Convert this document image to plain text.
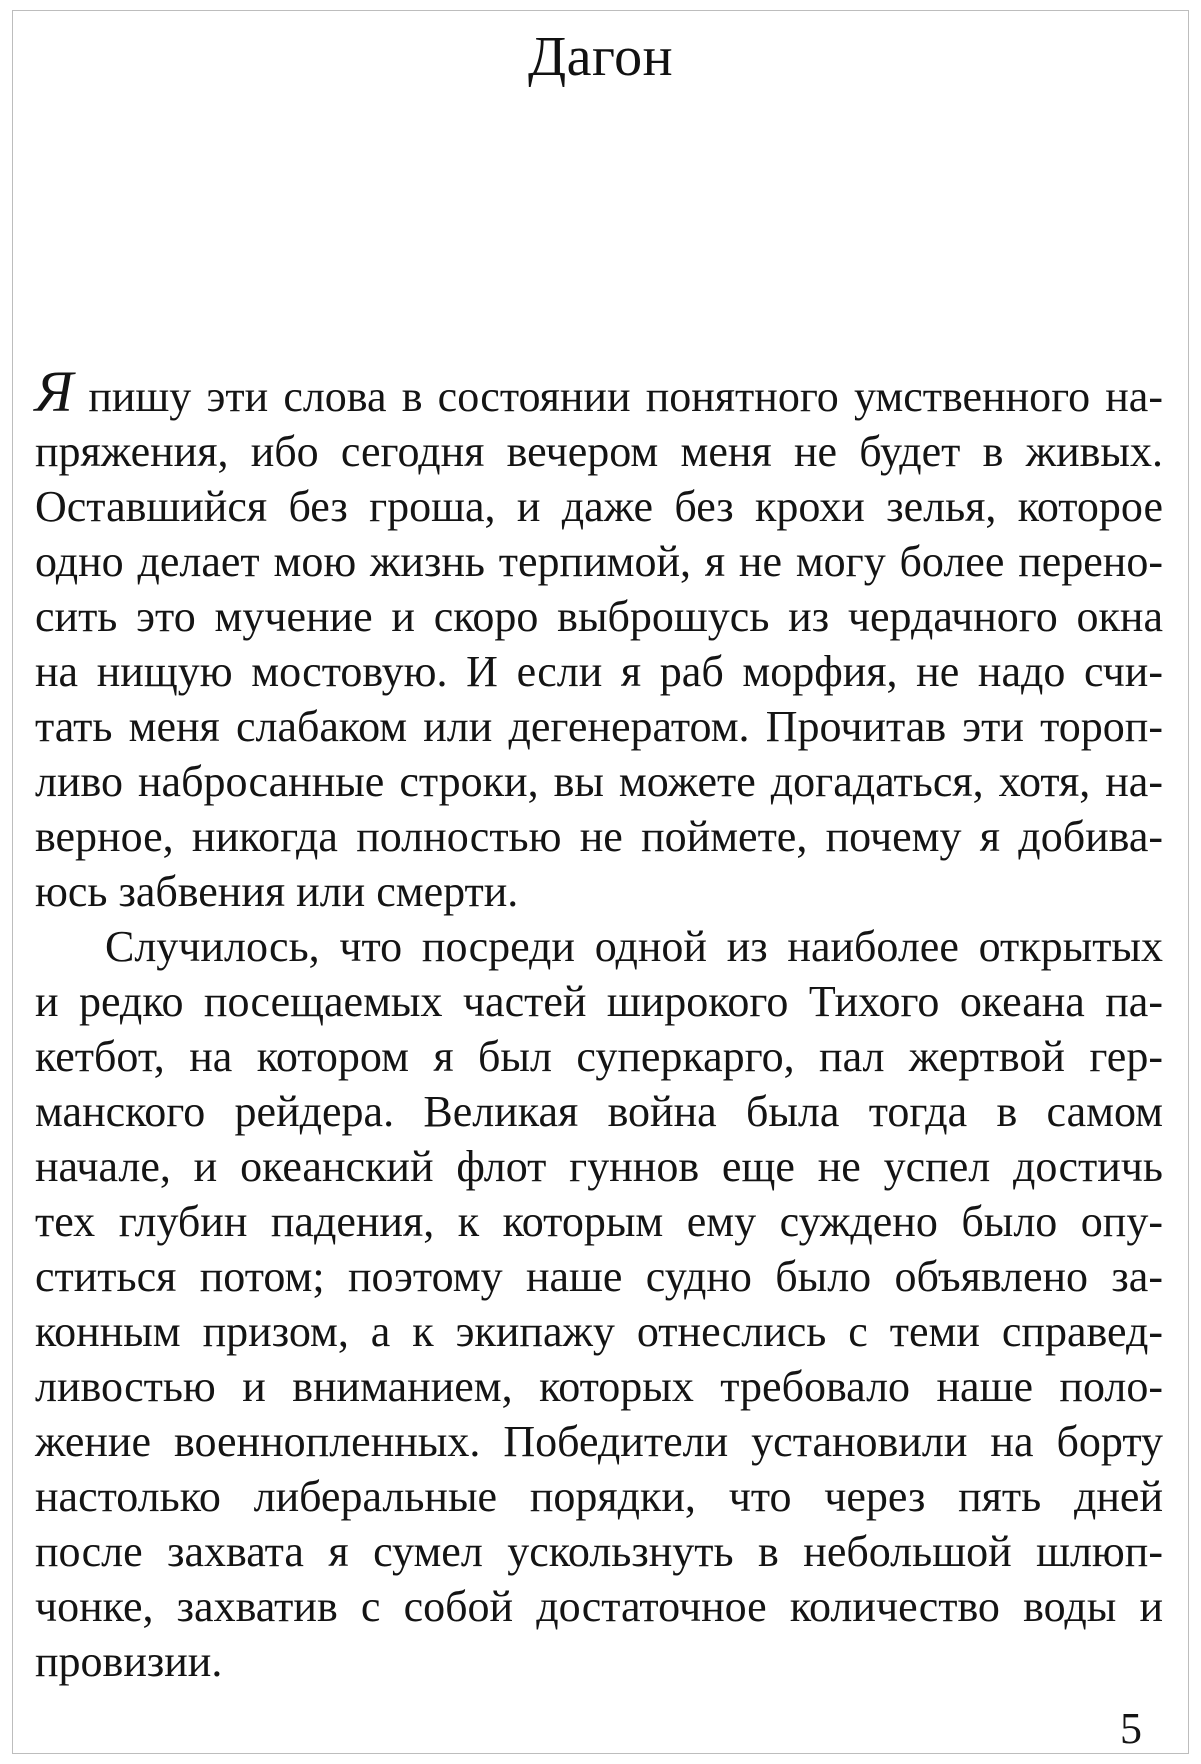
Дагон

Я пишу эти слова в состоянии понятного умственного на-
пряжения, ибо сегодня вечером меня не будет в живых.
Оставшийся без гроша, и даже без крохи зелья, которое
одно делает мою жизнь терпимой, я не могу более перено-
сить это мучение и скоро выброшусь из чердачного окна
на нищую мостовую. И если я раб морфия, не надо счи-
тать меня слабаком или дегенератом. Прочитав эти тороп-
ливо набросанные строки, вы можете догадаться, хотя, на-
верное, никогда полностью не поймете, почему я добива-
юсь забвения или смерти.

Случилось, что посреди одной из наиболее открытых
и редко посещаемых частей широкого Тихого океана па-
кетбот, на котором я был суперкарго, пал жертвой гер-
манского рейдера. Великая война была тогда в самом
начале, и океанский флот гуннов еще не успел достичь
тех глубин падения, к которым ему суждено было опу-
ститься потом; поэтому наше судно было объявлено за-
конным призом, а к экипажу отнеслись с теми справед-
ливостью и вниманием, которых требовало наше поло-
жение военнопленных. Победители установили на борту
настолько либеральные порядки, что через пять дней
после захвата я сумел ускользнуть в небольшой шлюп-
чонке, захватив с собой достаточное количество воды и
провизии.

5
